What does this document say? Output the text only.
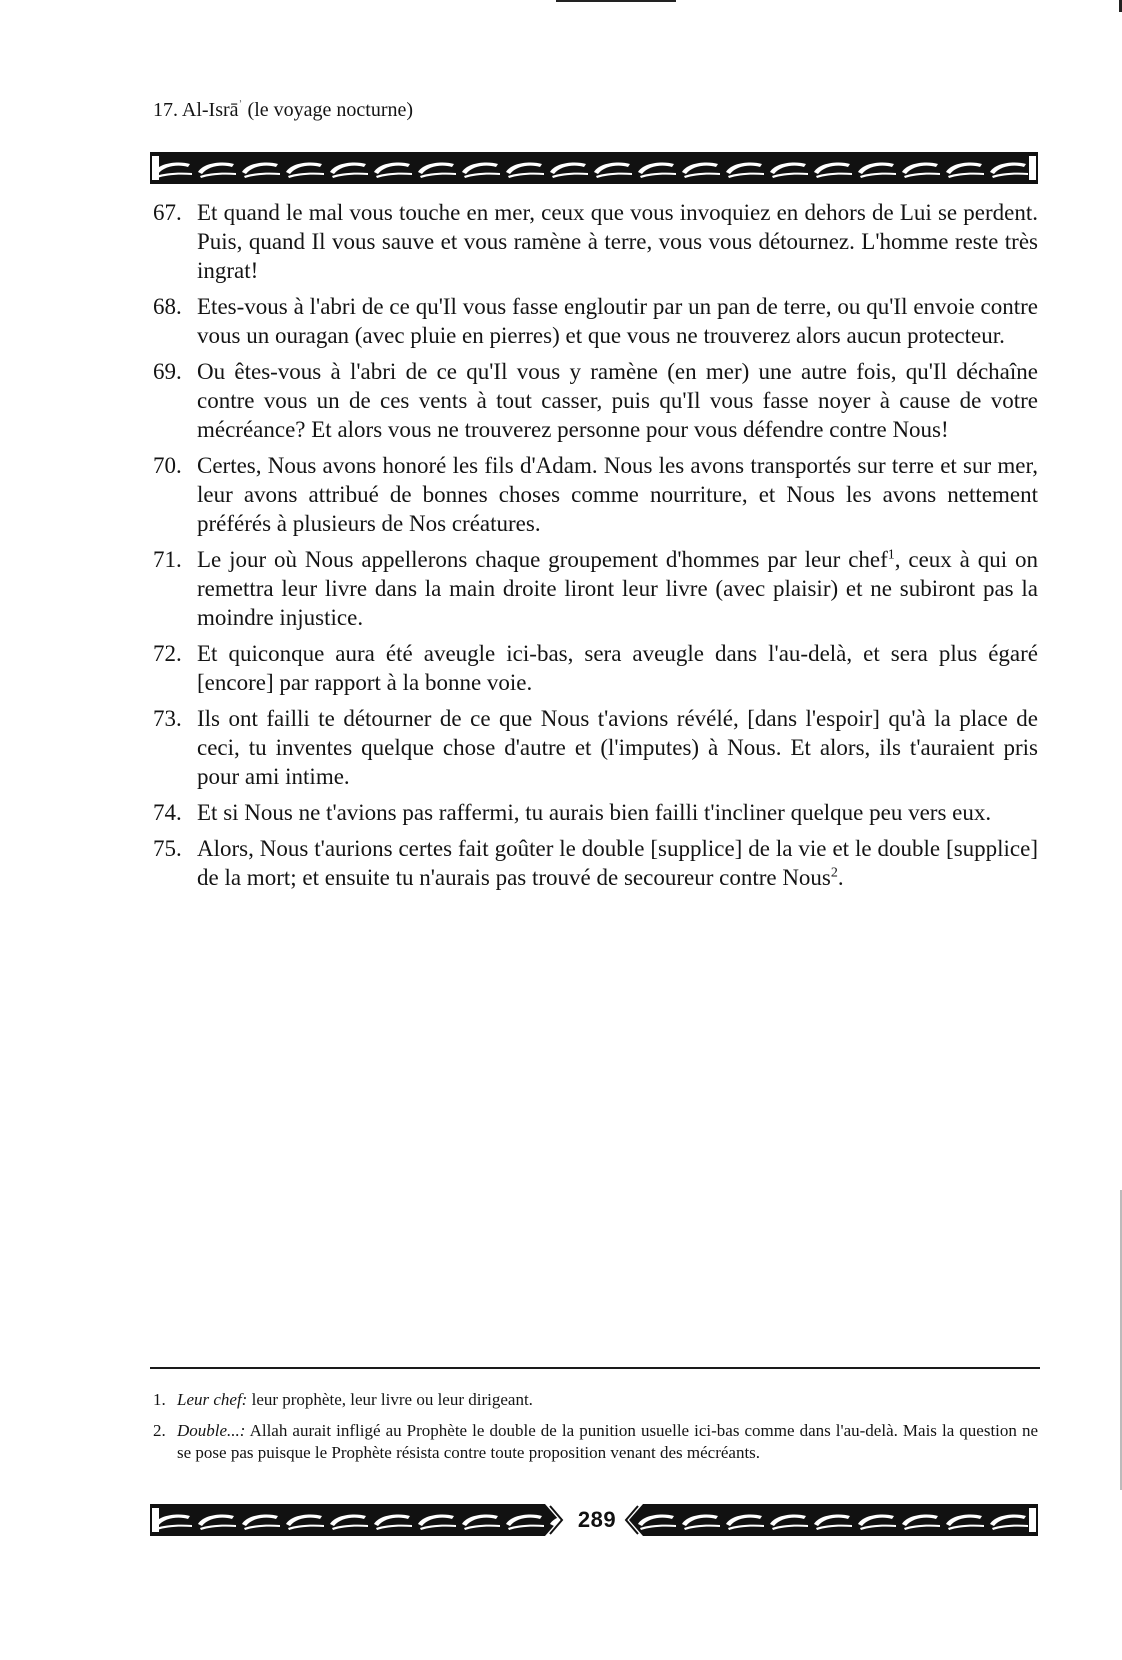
17. Al-Isrā$^ʾ$ (le voyage nocturne)
67. Et quand le mal vous touche en mer, ceux que vous invoquiez en dehors de Lui se perdent. Puis, quand Il vous sauve et vous ramène à terre, vous vous détournez. L'homme reste très ingrat!
68. Etes-vous à l'abri de ce qu'Il vous fasse engloutir par un pan de terre, ou qu'Il envoie contre vous un ouragan (avec pluie en pierres) et que vous ne trouverez alors aucun protecteur.
69. Ou êtes-vous à l'abri de ce qu'Il vous y ramène (en mer) une autre fois, qu'Il déchaîne contre vous un de ces vents à tout casser, puis qu'Il vous fasse noyer à cause de votre mécréance? Et alors vous ne trouverez personne pour vous défendre contre Nous!
70. Certes, Nous avons honoré les fils d'Adam. Nous les avons transportés sur terre et sur mer, leur avons attribué de bonnes choses comme nourriture, et Nous les avons nettement préférés à plusieurs de Nos créatures.
71. Le jour où Nous appellerons chaque groupement d'hommes par leur chef$^1$, ceux à qui on remettra leur livre dans la main droite liront leur livre (avec plaisir) et ne subiront pas la moindre injustice.
72. Et quiconque aura été aveugle ici-bas, sera aveugle dans l'au-delà, et sera plus égaré [encore] par rapport à la bonne voie.
73. Ils ont failli te détourner de ce que Nous t'avions révélé, [dans l'espoir] qu'à la place de ceci, tu inventes quelque chose d'autre et (l'imputes) à Nous. Et alors, ils t'auraient pris pour ami intime.
74. Et si Nous ne t'avions pas raffermi, tu aurais bien failli t'incliner quelque peu vers eux.
75. Alors, Nous t'aurions certes fait goûter le double [supplice] de la vie et le double [supplice] de la mort; et ensuite tu n'aurais pas trouvé de secoureur contre Nous$^2$.
1. Leur chef: leur prophète, leur livre ou leur dirigeant.
2. Double...: Allah aurait infligé au Prophète le double de la punition usuelle ici-bas comme dans l'au-delà. Mais la question ne se pose pas puisque le Prophète résista contre toute proposition venant des mécréants.
289
